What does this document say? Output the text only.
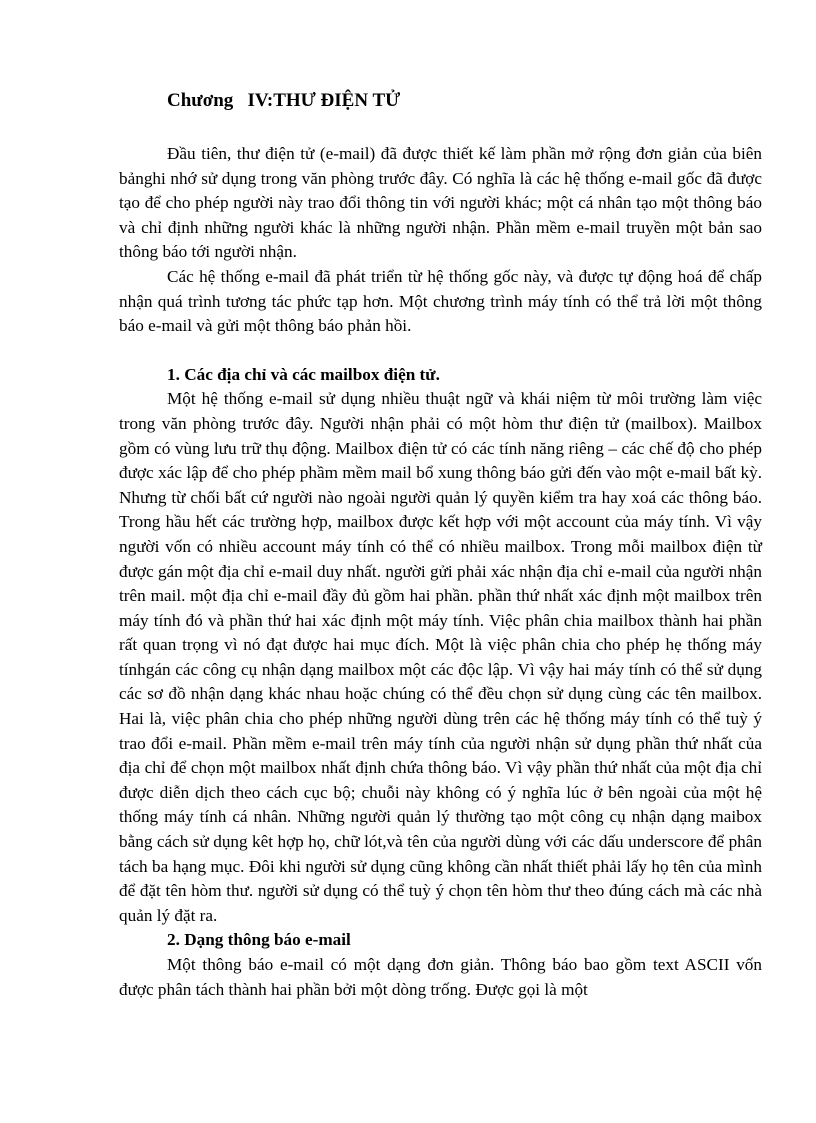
Chương   IV:THƯ ĐIỆN TỬ

Đầu tiên, thư điện tử (e-mail) đã được thiết kế làm phần mở rộng đơn giản của biên bảnghi nhớ sử dụng trong văn phòng trước đây. Có nghĩa là các hệ thống e-mail gốc đã được tạo để cho phép người này trao đổi thông tin với người khác; một cá nhân tạo một thông báo và chỉ định những người khác là những người nhận. Phần mềm e-mail truyền một bản sao thông báo tới người nhận.

Các hệ thống e-mail đã phát triển từ hệ thống gốc này, và được tự động hoá để chấp nhận quá trình tương tác phức tạp hơn. Một chương trình máy tính có thể trả lời một thông báo e-mail và gửi một thông báo phản hồi.

1. Các địa chỉ và các mailbox điện tử.

Một hệ thống e-mail sử dụng nhiều thuật ngữ và khái niệm từ môi trường làm việc trong văn phòng trước đây. Người nhận phải có một hòm thư điện tử (mailbox). Mailbox gồm có vùng lưu trữ thụ động. Mailbox điện tử có các tính năng riêng – các chế độ cho phép được xác lập để cho phép phầm mềm mail bổ xung thông báo gửi đến vào một e-mail bất kỳ. Nhưng từ chối bất cứ người nào ngoài người quản lý quyền kiểm tra hay xoá các thông báo. Trong hầu hết các trường hợp, mailbox được kết hợp với một account của máy tính. Vì vậy người vốn có nhiều account máy tính có thể có nhiều mailbox. Trong mỗi mailbox điện từ được gán một địa chỉ e-mail duy nhất. người gửi phải xác nhận địa chỉ e-mail của người nhận trên mail. một địa chỉ e-mail đầy đủ gồm hai phần. phần thứ nhất xác định một mailbox trên máy tính đó và phần thứ hai xác định một máy tính. Việc phân chia mailbox thành hai phần rất quan trọng vì nó đạt được hai mục đích. Một là việc phân chia cho phép hẹ thống máy tínhgán các công cụ nhận dạng mailbox một các độc lập. Vì vậy hai máy tính có thể sử dụng các sơ đồ nhận dạng khác nhau hoặc chúng có thể đều chọn sử dụng cùng các tên mailbox. Hai là, việc phân chia cho phép những người dùng trên các hệ thống máy tính có thể tuỳ ý trao đổi e-mail. Phần mềm e-mail trên máy tính của người nhận sử dụng phần thứ nhất của địa chỉ để chọn một mailbox nhất định chứa thông báo. Vì vậy phần thứ nhất của một địa chỉ được diễn dịch theo cách cục bộ; chuỗi này không có ý nghĩa lúc ở bên ngoài của một hệ thống máy tính cá nhân. Những người quản lý thường tạo một công cụ nhận dạng maibox bằng cách sử dụng kêt hợp họ, chữ lót,và tên của người dùng với các dấu underscore để phân tách ba hạng mục. Đôi khi người sử dụng cũng không cần nhất thiết phải lấy họ tên của mình để đặt tên hòm thư. người sử dụng có thể tuỳ ý chọn tên hòm thư theo đúng cách mà các nhà quản lý đặt ra.

2. Dạng thông báo e-mail

Một thông báo e-mail có một dạng đơn giản. Thông báo bao gồm text ASCII vốn được phân tách thành hai phần bởi một dòng trống. Được gọi là một
